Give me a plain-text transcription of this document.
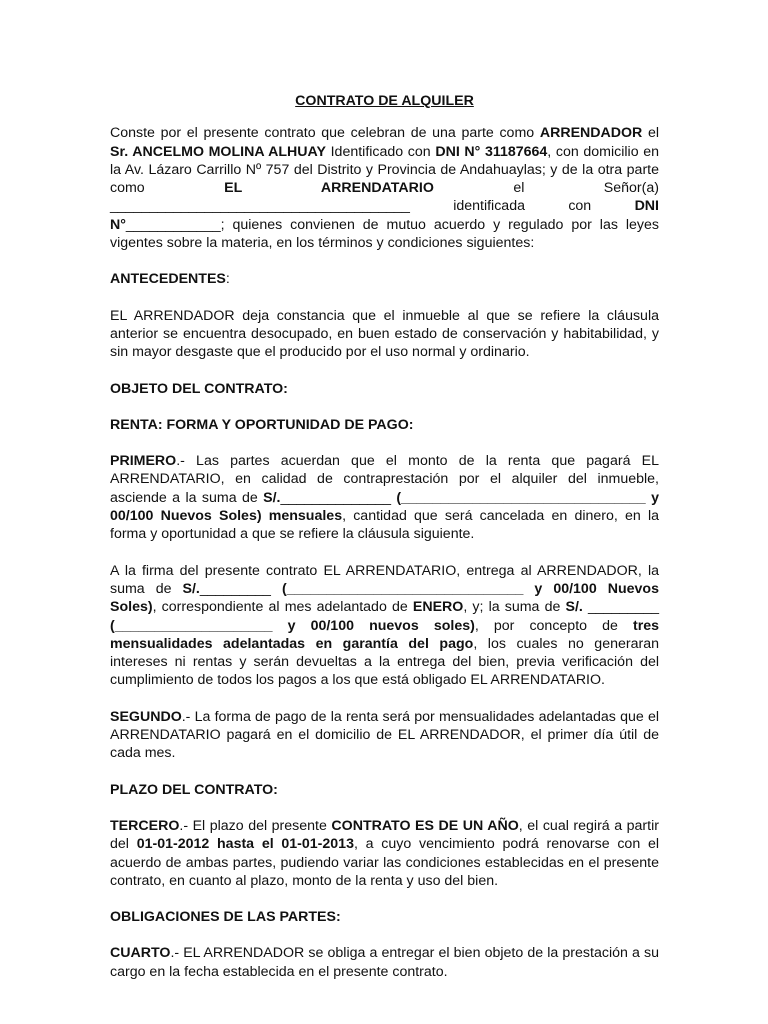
CONTRATO DE ALQUILER

Conste por el presente contrato que celebran de una parte como ARRENDADOR el Sr. ANCELMO MOLINA ALHUAY Identificado con DNI N° 31187664, con domicilio en la Av. Lázaro Carrillo Nº 757 del Distrito y Provincia de Andahuaylas; y de la otra parte como EL ARRENDATARIO el Señor(a) ______________________________________ identificada con DNI N°____________; quienes convienen de mutuo acuerdo y regulado por las leyes vigentes sobre la materia, en los términos y condiciones siguientes:

ANTECEDENTES:

EL ARRENDADOR deja constancia que el inmueble al que se refiere la cláusula anterior se encuentra desocupado, en buen estado de conservación y habitabilidad, y sin mayor desgaste que el producido por el uso normal y ordinario.

OBJETO DEL CONTRATO:
RENTA: FORMA Y OPORTUNIDAD DE PAGO:

PRIMERO.- Las partes acuerdan que el monto de la renta que pagará EL ARRENDATARIO, en calidad de contraprestación por el alquiler del inmueble, asciende a la suma de S/.______________ (_______________________________ y 00/100 Nuevos Soles) mensuales, cantidad que será cancelada en dinero, en la forma y oportunidad a que se refiere la cláusula siguiente.

A la firma del presente contrato EL ARRENDATARIO, entrega al ARRENDADOR, la suma de S/._________ (______________________________ y 00/100 Nuevos Soles), correspondiente al mes adelantado de ENERO, y; la suma de S/. _________ (____________________ y 00/100 nuevos soles), por concepto de tres mensualidades adelantadas en garantía del pago, los cuales no generaran intereses ni rentas y serán devueltas a la entrega del bien, previa verificación del cumplimiento de todos los pagos a los que está obligado EL ARRENDATARIO.

SEGUNDO.- La forma de pago de la renta será por mensualidades adelantadas que el ARRENDATARIO pagará en el domicilio de EL ARRENDADOR, el primer día útil de cada mes.

PLAZO DEL CONTRATO:

TERCERO.- El plazo del presente CONTRATO ES DE UN AÑO, el cual regirá a partir del 01-01-2012 hasta el 01-01-2013, a cuyo vencimiento podrá renovarse con el acuerdo de ambas partes, pudiendo variar las condiciones establecidas en el presente contrato, en cuanto al plazo, monto de la renta y uso del bien.

OBLIGACIONES DE LAS PARTES:

CUARTO.- EL ARRENDADOR se obliga a entregar el bien objeto de la prestación a su cargo en la fecha establecida en el presente contrato.
